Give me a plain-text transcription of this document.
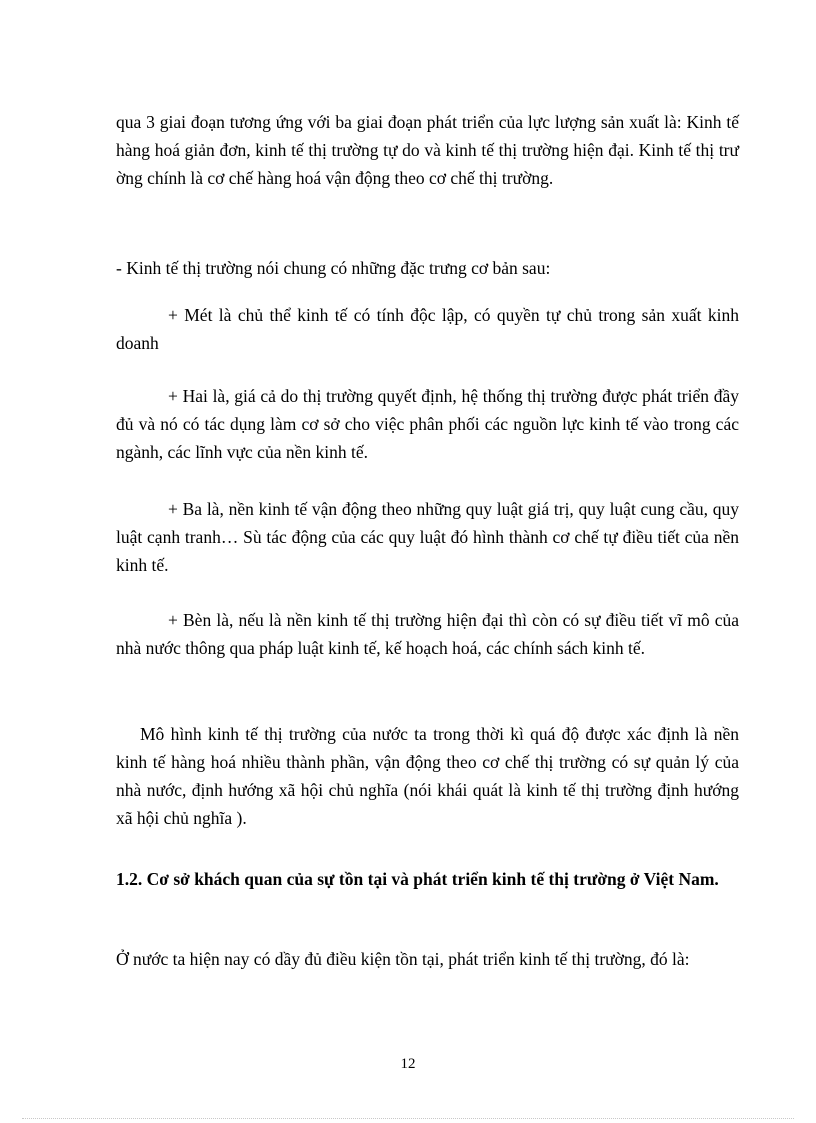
qua 3 giai đoạn tương ứng với ba giai đoạn phát triển của lực lượng sản xuất là: Kinh tế hàng hoá giản đơn, kinh tế thị trường tự do và kinh tế thị trường hiện đại. Kinh tế thị trư ờng chính là cơ chế hàng hoá vận động theo cơ chế thị trường.

- Kinh tế thị trường nói chung có những đặc trưng cơ bản sau:

+ Mét là chủ thể kinh tế có tính độc lập, có quyền tự chủ trong sản xuất kinh doanh

+ Hai là, giá cả do thị trường quyết định, hệ thống thị trường được phát triển đầy đủ và nó có tác dụng làm cơ sở cho việc phân phối các nguồn lực kinh tế vào trong các ngành, các lĩnh vực của nền kinh tế.

+ Ba là, nền kinh tế vận động theo những quy luật giá trị, quy luật cung cầu, quy luật cạnh tranh… Sù tác động của các quy luật đó hình thành cơ chế tự điều tiết của nền kinh tế.

+ Bèn là, nếu là nền kinh tế thị trường hiện đại thì còn có sự điều tiết vĩ mô của nhà nước thông qua pháp luật kinh tế, kế hoạch hoá, các chính sách kinh tế.

Mô hình kinh tế thị trường của nước ta trong thời kì quá độ được xác định là nền kinh tế hàng hoá nhiều thành phần, vận động theo cơ chế thị trường có sự quản lý của nhà nước, định hướng xã hội chủ nghĩa (nói khái quát là kinh tế thị trường định hướng xã hội chủ nghĩa ).

1.2. Cơ sở khách quan của sự tồn tại và phát triển kinh tế thị trường ở Việt Nam.

Ở nước ta hiện nay có dầy đủ điều kiện tồn tại, phát triển kinh tế thị trường, đó là:

12
